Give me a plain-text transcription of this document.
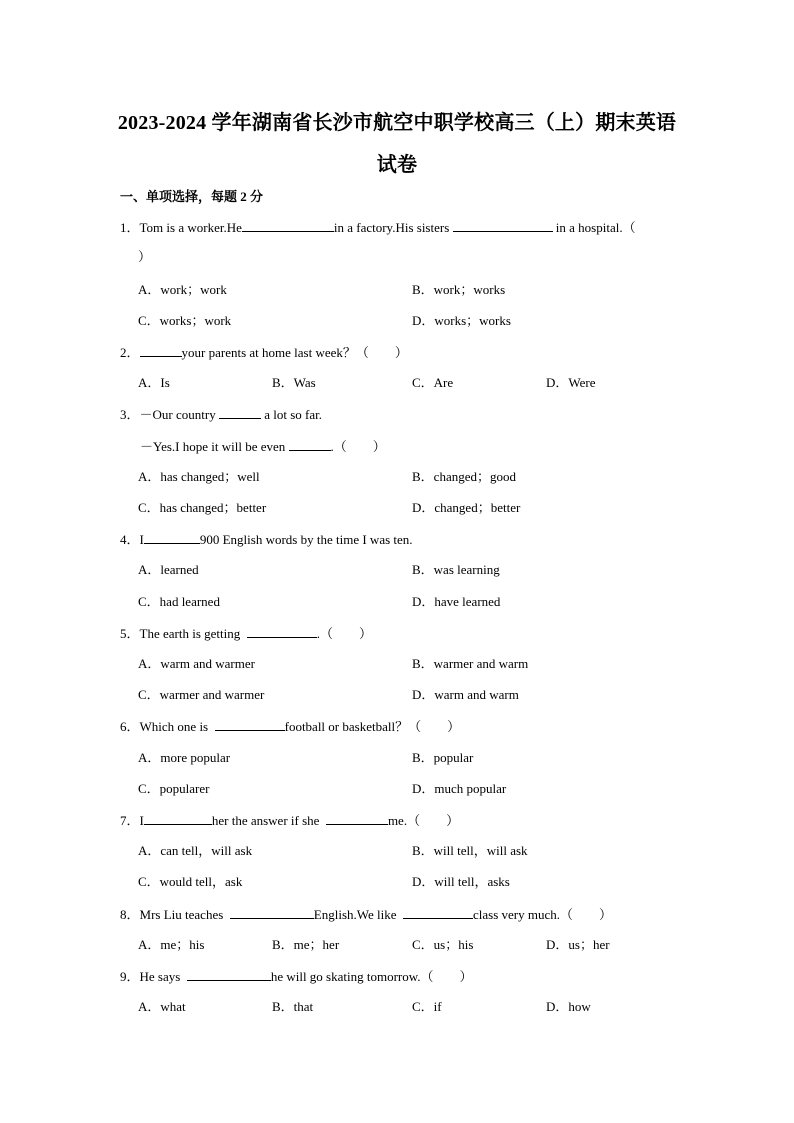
2023-2024 学年湖南省长沙市航空中职学校高三（上）期末英语
试卷
一、单项选择，每题 2 分
1．Tom is a worker.He	in a factory.His sisters	in a hospital.（
）
A．work；work	B．work；works
C．works；work	D．works；works
2．	your parents at home last week？（        ）
A．Is	B．Was	C．Are	D．Were
3．－Our country	a lot so far.
－Yes.I hope it will be even	.（        ）
A．has changed；well	B．changed；good
C．has changed；better	D．changed；better
4．I	900 English words by the time I was ten.
A．learned	B．was learning
C．had learned	D．have learned
5．The earth is getting	.（        ）
A．warm and warmer	B．warmer and warm
C．warmer and warmer	D．warm and warm
6．Which one is	football or basketball？（        ）
A．more popular	B．popular
C．popularer	D．much popular
7．I	her the answer if she	me.（        ）
A．can tell，will ask	B．will tell，will ask
C．would tell，ask	D．will tell，asks
8．Mrs Liu teaches	English.We like	class very much.（        ）
A．me；his	B．me；her	C．us；his	D．us；her
9．He says	he will go skating tomorrow.（        ）
A．what	B．that	C．if	D．how
